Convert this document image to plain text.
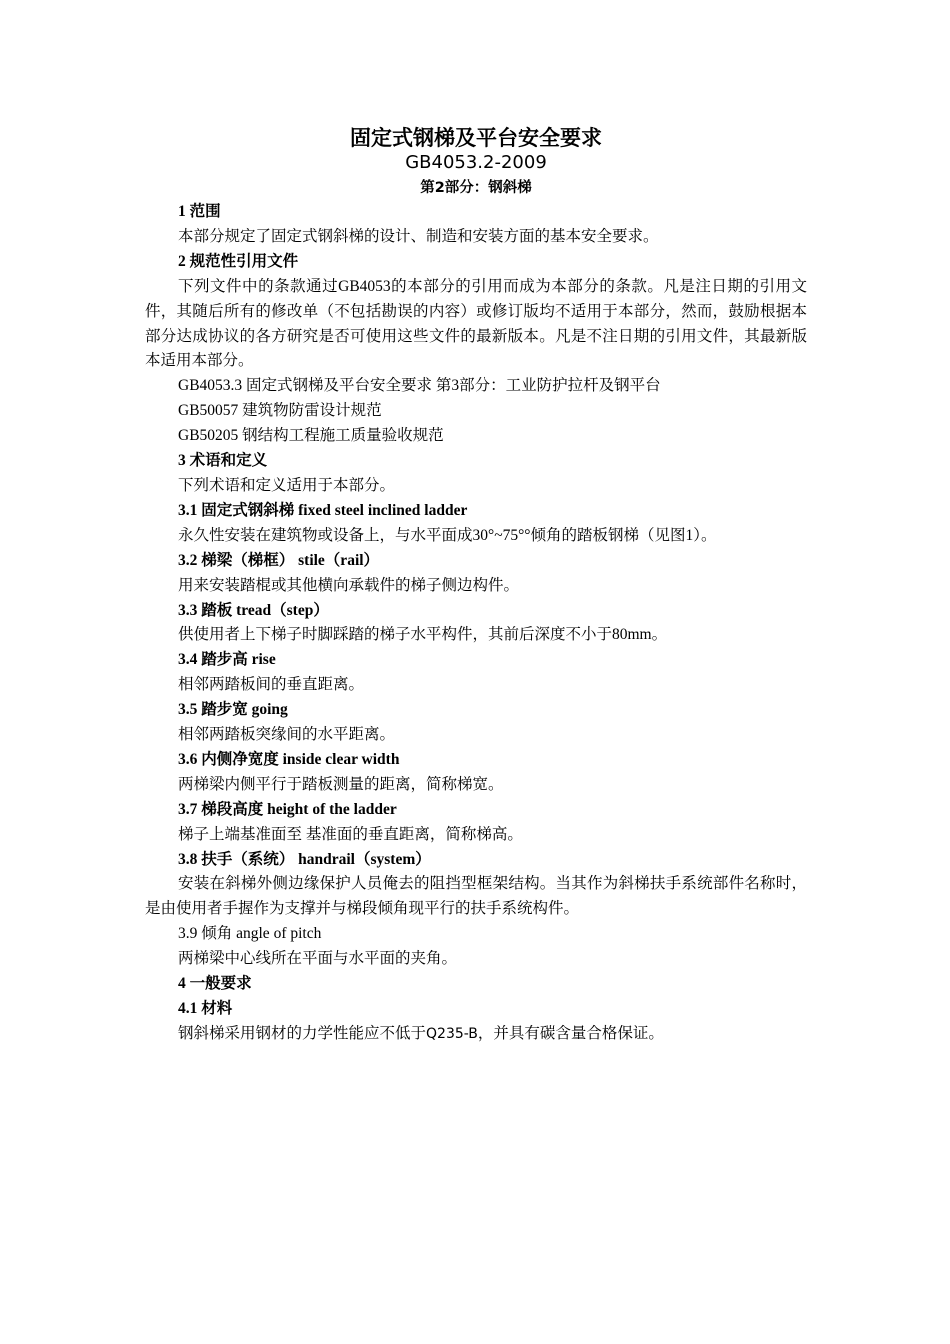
固定式钢梯及平台安全要求
GB4053.2-2009
第2部分：钢斜梯

1 范围

本部分规定了固定式钢斜梯的设计、制造和安装方面的基本安全要求。

2 规范性引用文件

下列文件中的条款通过GB4053的本部分的引用而成为本部分的条款。凡是注日期的引用文件，其随后所有的修改单（不包括勘误的内容）或修订版均不适用于本部分，然而，鼓励根据本部分达成协议的各方研究是否可使用这些文件的最新版本。凡是不注日期的引用文件，其最新版本适用本部分。

GB4053.3 固定式钢梯及平台安全要求 第3部分：工业防护拉杆及钢平台

GB50057 建筑物防雷设计规范

GB50205 钢结构工程施工质量验收规范

3 术语和定义

下列术语和定义适用于本部分。

3.1 固定式钢斜梯 fixed steel inclined ladder

永久性安装在建筑物或设备上，与水平面成30°~75°°倾角的踏板钢梯（见图1）。

3.2 梯梁（梯框） stile（rail）

用来安装踏棍或其他横向承载件的梯子侧边构件。

3.3 踏板 tread（step）

供使用者上下梯子时脚踩踏的梯子水平构件，其前后深度不小于80mm。

3.4 踏步高 rise

相邻两踏板间的垂直距离。

3.5 踏步宽 going

相邻两踏板突缘间的水平距离。

3.6 内侧净宽度 inside clear width

两梯梁内侧平行于踏板测量的距离，简称梯宽。

3.7 梯段高度 height of the ladder

梯子上端基准面至 基准面的垂直距离，简称梯高。

3.8 扶手（系统） handrail（system）

安装在斜梯外侧边缘保护人员俺去的阻挡型框架结构。当其作为斜梯扶手系统部件名称时，是由使用者手握作为支撑并与梯段倾角现平行的扶手系统构件。

3.9 倾角 angle of pitch

两梯梁中心线所在平面与水平面的夹角。

4 一般要求

4.1 材料

钢斜梯采用钢材的力学性能应不低于Q235-B，并具有碳含量合格保证。
